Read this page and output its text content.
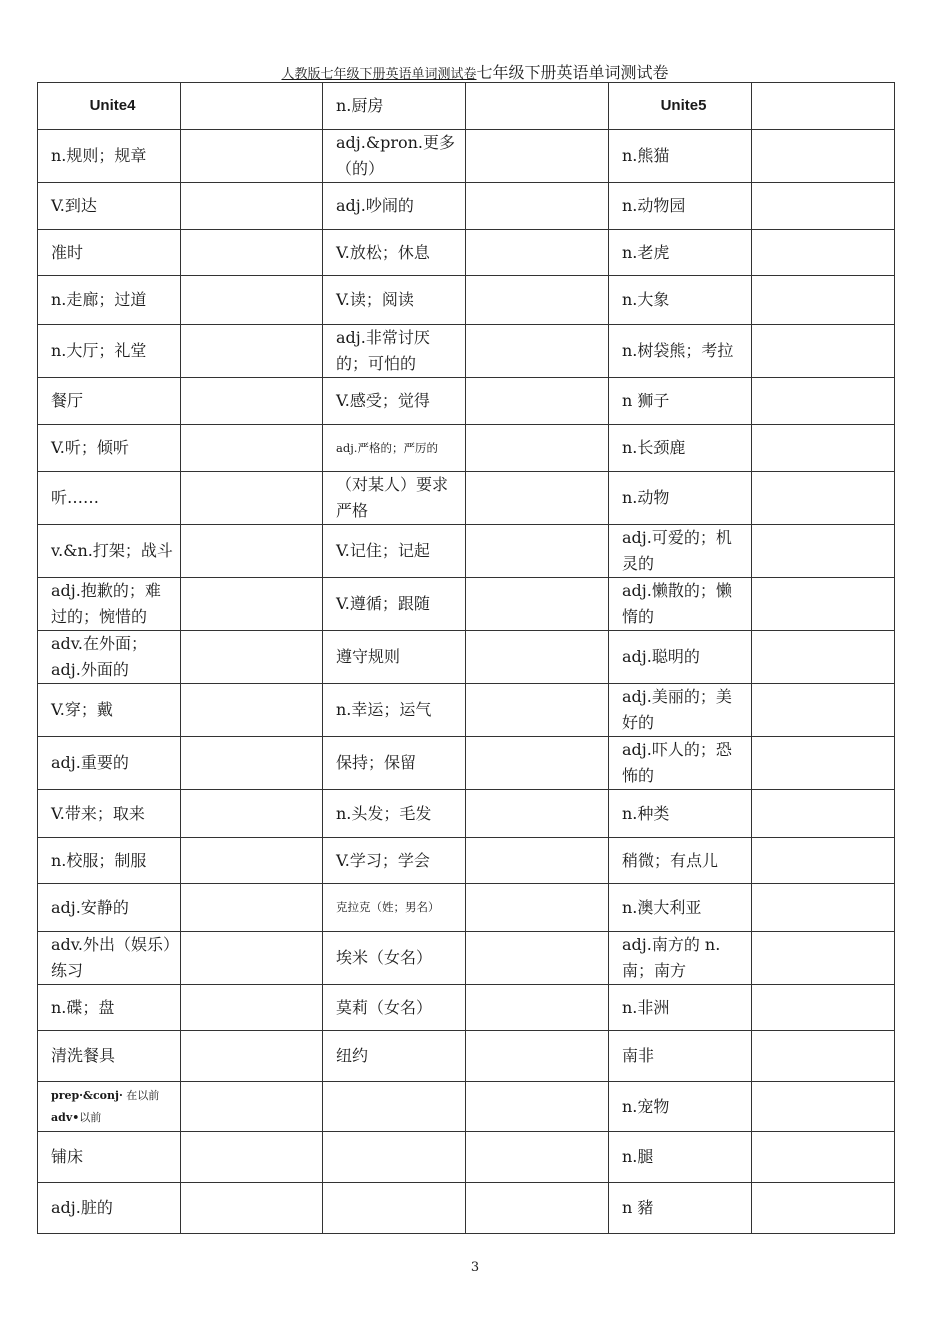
人教版七年级下册英语单词测试卷七年级下册英语单词测试卷
Unite4		n.厨房		Unite5	
n.规则；规章		adj.&pron.更多（的）		n.熊猫	
V.到达		adj.吵闹的		n.动物园	
准时		V.放松；休息		n.老虎	
n.走廊；过道		V.读；阅读		n.大象	
n.大厅；礼堂		adj.非常讨厌的；可怕的		n.树袋熊；考拉	
餐厅		V.感受；觉得		n 狮子	
V.听；倾听		adj.严格的；严厉的		n.长颈鹿	
听……		（对某人）要求严格		n.动物	
v.&n.打架；战斗		V.记住；记起		adj.可爱的；机灵的	
adj.抱歉的；难过的；惋惜的		V.遵循；跟随		adj.懒散的；懒惰的	
adv.在外面；adj.外面的		遵守规则		adj.聪明的	
V.穿；戴		n.幸运；运气		adj.美丽的；美好的	
adj.重要的		保持；保留		adj.吓人的；恐怖的	
V.带来；取来		n.头发；毛发		n.种类	
n.校服；制服		V.学习；学会		稍微；有点儿	
adj.安静的		克拉克（姓；男名）		n.澳大利亚	
adv.外出（娱乐）练习		埃米（女名）		adj.南方的 n.南；南方	
n.碟；盘		莫莉（女名）		n.非洲	
清洗餐具		纽约		南非	

prep·&conj· 在以前
adv•以前				n.宠物	
铺床				n.腿	
adj.脏的				n 豬	
3
